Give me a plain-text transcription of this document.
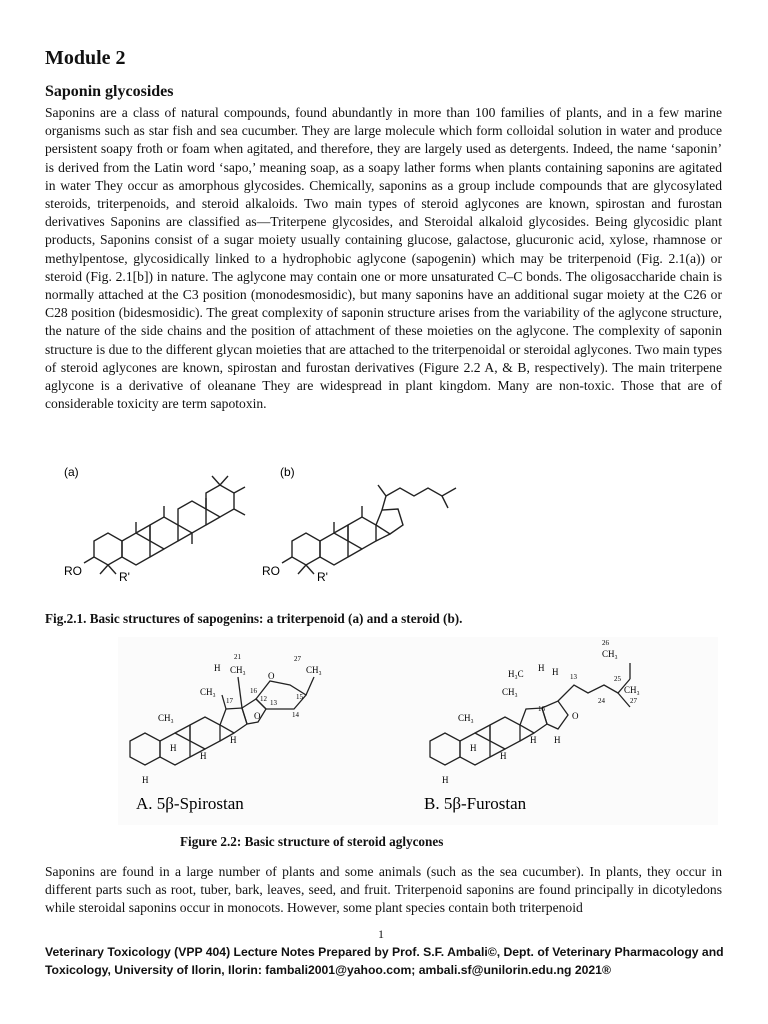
Module 2
Saponin glycosides

Saponins are a class of natural compounds, found abundantly in more than 100 families of plants, and in a few marine organisms such as star fish and sea cucumber. They are large molecule which form colloidal solution in water and produce persistent soapy froth or foam when agitated, and therefore, they are largely used as detergents. Indeed, the name ‘saponin’ is derived from the Latin word ‘sapo,’ meaning soap, as a soapy lather forms when plants containing saponins are agitated in water They occur as amorphous glycosides. Chemically, saponins as a group include compounds that are glycosylated steroids, triterpenoids, and steroid alkaloids. Two main types of steroid aglycones are known, spirostan and furostan derivatives Saponins are classified as—Triterpene glycosides, and Steroidal alkaloid glycosides. Being glycosidic plant products, Saponins consist of a sugar moiety usually containing glucose, galactose, glucuronic acid, xylose, rhamnose or methylpentose, glycosidically linked to a hydrophobic aglycone (sapogenin) which may be triterpenoid (Fig. 2.1(a)) or steroid (Fig. 2.1[b]) in nature. The aglycone may contain one or more unsaturated C–C bonds. The oligosaccharide chain is normally attached at the C3 position (monodesmosidic), but many saponins have an additional sugar moiety at the C26 or C28 position (bidesmosidic). The great complexity of saponin structure arises from the variability of the aglycone structure, the nature of the side chains and the position of attachment of these moieties on the aglycone. The complexity of saponin structure is due to the different glycan moieties that are attached to the triterpenoidal or steroidal aglycones. Two main types of steroid aglycones are known, spirostan and furostan derivatives (Figure 2.2 A, & B, respectively). The main triterpene aglycone is a derivative of oleanane They are widespread in plant kingdom. Many are non-toxic. Those that are of considerable toxicity are term sapotoxin.

(a)
RO	R'
(b)
RO	R'

Fig.2.1. Basic structures of sapogenins: a triterpenoid (a) and a steroid (b).

CH₃
CH₃
CH₃
H
21	27
CH₃
O
O
17	12 13
14
15
16
H
H
H
H
A. 5β-Spirostan
CH₃
CH₃
H₃C
H H 13
26
CH₃
25
CH₃
24	27
O
16
H
H
H H
H
B. 5β-Furostan

Figure 2.2: Basic structure of steroid aglycones

Saponins are found in a large number of plants and some animals (such as the sea cucumber). In plants, they occur in different parts such as root, tuber, bark, leaves, seed, and fruit. Triterpenoid saponins are found principally in dicotyledons while steroidal saponins occur in monocots. However, some plant species contain both triterpenoid

1

Veterinary Toxicology (VPP 404) Lecture Notes Prepared by Prof. S.F. Ambali©, Dept. of Veterinary Pharmacology and Toxicology, University of Ilorin, Ilorin: fambali2001@yahoo.com; ambali.sf@unilorin.edu.ng 2021®
